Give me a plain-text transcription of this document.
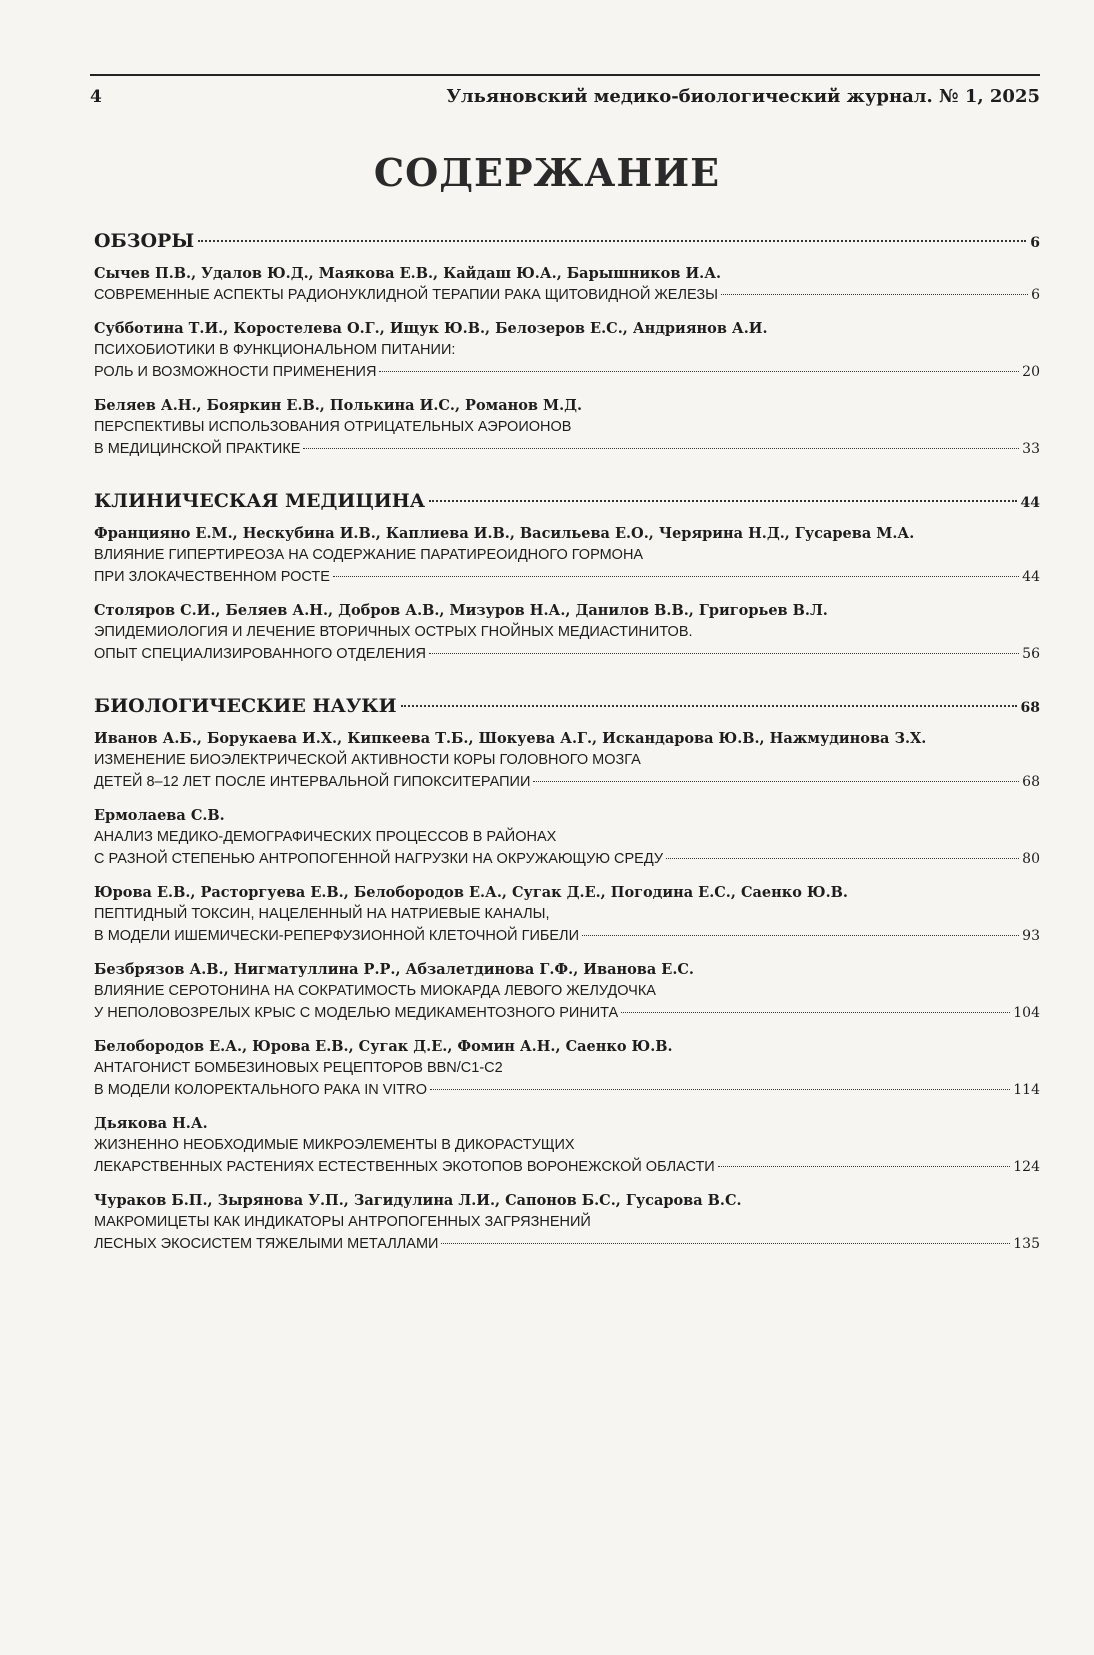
4	Ульяновский медико-биологический журнал. № 1, 2025
СОДЕРЖАНИЕ
ОБЗОРЫ	6
Сычев П.В., Удалов Ю.Д., Маякова Е.В., Кайдаш Ю.А., Барышников И.А.
СОВРЕМЕННЫЕ АСПЕКТЫ РАДИОНУКЛИДНОЙ ТЕРАПИИ РАКА ЩИТОВИДНОЙ ЖЕЛЕЗЫ	6
Субботина Т.И., Коростелева О.Г., Ищук Ю.В., Белозеров Е.С., Андриянов А.И.
ПСИХОБИОТИКИ В ФУНКЦИОНАЛЬНОМ ПИТАНИИ:
РОЛЬ И ВОЗМОЖНОСТИ ПРИМЕНЕНИЯ	20
Беляев А.Н., Бояркин Е.В., Полькина И.С., Романов М.Д.
ПЕРСПЕКТИВЫ ИСПОЛЬЗОВАНИЯ ОТРИЦАТЕЛЬНЫХ АЭРОИОНОВ
В МЕДИЦИНСКОЙ ПРАКТИКЕ	33
КЛИНИЧЕСКАЯ МЕДИЦИНА	44
Францияно Е.М., Нескубина И.В., Каплиева И.В., Васильева Е.О., Черярина Н.Д., Гусарева М.А.
ВЛИЯНИЕ ГИПЕРТИРЕОЗА НА СОДЕРЖАНИЕ ПАРАТИРЕОИДНОГО ГОРМОНА
ПРИ ЗЛОКАЧЕСТВЕННОМ РОСТЕ	44
Столяров С.И., Беляев А.Н., Добров А.В., Мизуров Н.А., Данилов В.В., Григорьев В.Л.
ЭПИДЕМИОЛОГИЯ И ЛЕЧЕНИЕ ВТОРИЧНЫХ ОСТРЫХ ГНОЙНЫХ МЕДИАСТИНИТОВ.
ОПЫТ СПЕЦИАЛИЗИРОВАННОГО ОТДЕЛЕНИЯ	56
БИОЛОГИЧЕСКИЕ НАУКИ	68
Иванов А.Б., Борукаева И.Х., Кипкеева Т.Б., Шокуева А.Г., Искандарова Ю.В., Нажмудинова З.Х.
ИЗМЕНЕНИЕ БИОЭЛЕКТРИЧЕСКОЙ АКТИВНОСТИ КОРЫ ГОЛОВНОГО МОЗГА
ДЕТЕЙ 8–12 ЛЕТ ПОСЛЕ ИНТЕРВАЛЬНОЙ ГИПОКСИТЕРАПИИ	68
Ермолаева С.В.
АНАЛИЗ МЕДИКО-ДЕМОГРАФИЧЕСКИХ ПРОЦЕССОВ В РАЙОНАХ
С РАЗНОЙ СТЕПЕНЬЮ АНТРОПОГЕННОЙ НАГРУЗКИ НА ОКРУЖАЮЩУЮ СРЕДУ	80
Юрова Е.В., Расторгуева Е.В., Белобородов Е.А., Сугак Д.Е., Погодина Е.С., Саенко Ю.В.
ПЕПТИДНЫЙ ТОКСИН, НАЦЕЛЕННЫЙ НА НАТРИЕВЫЕ КАНАЛЫ,
В МОДЕЛИ ИШЕМИЧЕСКИ-РЕПЕРФУЗИОННОЙ КЛЕТОЧНОЙ ГИБЕЛИ	93
Безбрязов А.В., Нигматуллина Р.Р., Абзалетдинова Г.Ф., Иванова Е.С.
ВЛИЯНИЕ СЕРОТОНИНА НА СОКРАТИМОСТЬ МИОКАРДА ЛЕВОГО ЖЕЛУДОЧКА
У НЕПОЛОВОЗРЕЛЫХ КРЫС С МОДЕЛЬЮ МЕДИКАМЕНТОЗНОГО РИНИТА	104
Белобородов Е.А., Юрова Е.В., Сугак Д.Е., Фомин А.Н., Саенко Ю.В.
АНТАГОНИСТ БОМБЕЗИНОВЫХ РЕЦЕПТОРОВ BBN/C1-C2
В МОДЕЛИ КОЛОРЕКТАЛЬНОГО РАКА IN VITRO	114
Дьякова Н.А.
ЖИЗНЕННО НЕОБХОДИМЫЕ МИКРОЭЛЕМЕНТЫ В ДИКОРАСТУЩИХ
ЛЕКАРСТВЕННЫХ РАСТЕНИЯХ ЕСТЕСТВЕННЫХ ЭКОТОПОВ ВОРОНЕЖСКОЙ ОБЛАСТИ	124
Чураков Б.П., Зырянова У.П., Загидулина Л.И., Сапонов Б.С., Гусарова В.С.
МАКРОМИЦЕТЫ КАК ИНДИКАТОРЫ АНТРОПОГЕННЫХ ЗАГРЯЗНЕНИЙ
ЛЕСНЫХ ЭКОСИСТЕМ ТЯЖЕЛЫМИ МЕТАЛЛАМИ	135
